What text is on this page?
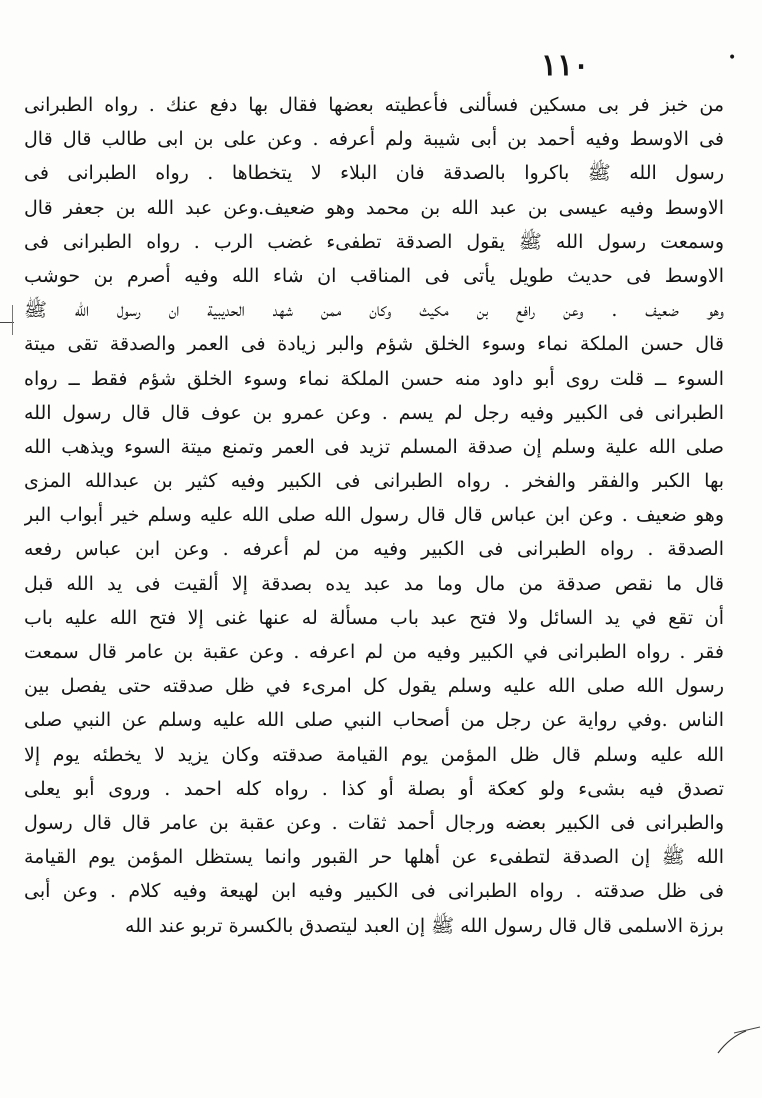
•
١١٠
من خبز فر بى مسكين فسألنى فأعطيته بعضها فقال بها دفع عنك . رواه الطبرانى
فى الاوسط وفيه أحمد بن أبى شيبة ولم أعرفه . وعن على بن ابى طالب قال قال
رسول الله ﷺ باكروا بالصدقة فان البلاء لا يتخطاها . رواه الطبرانى فى
الاوسط وفيه عيسى بن عبد الله بن محمد وهو ضعيف.وعن عبد الله بن جعفر قال
وسمعت رسول الله ﷺ يقول الصدقة تطفىء غضب الرب . رواه الطبرانى فى
الاوسط فى حديث طويل يأتى فى المناقب ان شاء الله وفيه أصرم بن حوشب
وهو ضعيف . وعن رافع بن مكيث وكان ممن شهد الحديبية ان رسول الله ﷺ
قال حسن الملكة نماء وسوء الخلق شؤم والبر زيادة فى العمر والصدقة تقى ميتة
السوء ــ قلت روى أبو داود منه حسن الملكة نماء وسوء الخلق شؤم فقط ــ رواه
الطبرانى فى الكبير وفيه رجل لم يسم . وعن عمرو بن عوف قال قال رسول الله
صلى الله علية وسلم إن صدقة المسلم تزيد فى العمر وتمنع ميتة السوء ويذهب الله
بها الكبر والفقر والفخر . رواه الطبرانى فى الكبير وفيه كثير بن عبدالله المزى
وهو ضعيف . وعن ابن عباس قال قال رسول الله صلى الله عليه وسلم خير أبواب البر
الصدقة . رواه الطبرانى فى الكبير وفيه من لم أعرفه . وعن ابن عباس رفعه
قال ما نقص صدقة من مال وما مد عبد يده بصدقة إلا ألقيت فى يد الله قبل
أن تقع في يد السائل ولا فتح عبد باب مسألة له عنها غنى إلا فتح الله عليه باب
فقر . رواه الطبرانى في الكبير وفيه من لم اعرفه . وعن عقبة بن عامر قال سمعت
رسول الله صلى الله عليه وسلم يقول كل امرىء في ظل صدقته حتى يفصل بين
الناس .وفي رواية عن رجل من أصحاب النبي صلى الله عليه وسلم عن النبي صلى
الله عليه وسلم قال ظل المؤمن يوم القيامة صدقته وكان يزيد لا يخطئه يوم إلا
تصدق فيه بشىء ولو كعكة أو بصلة أو كذا . رواه كله احمد . وروى أبو يعلى
والطبرانى فى الكبير بعضه ورجال أحمد ثقات . وعن عقبة بن عامر قال قال رسول
الله ﷺ إن الصدقة لتطفىء عن أهلها حر القبور وانما يستظل المؤمن يوم القيامة
فى ظل صدقته . رواه الطبرانى فى الكبير وفيه ابن لهيعة وفيه كلام . وعن أبى
برزة الاسلمى قال قال رسول الله ﷺ إن العبد ليتصدق بالكسرة تربو عند الله
